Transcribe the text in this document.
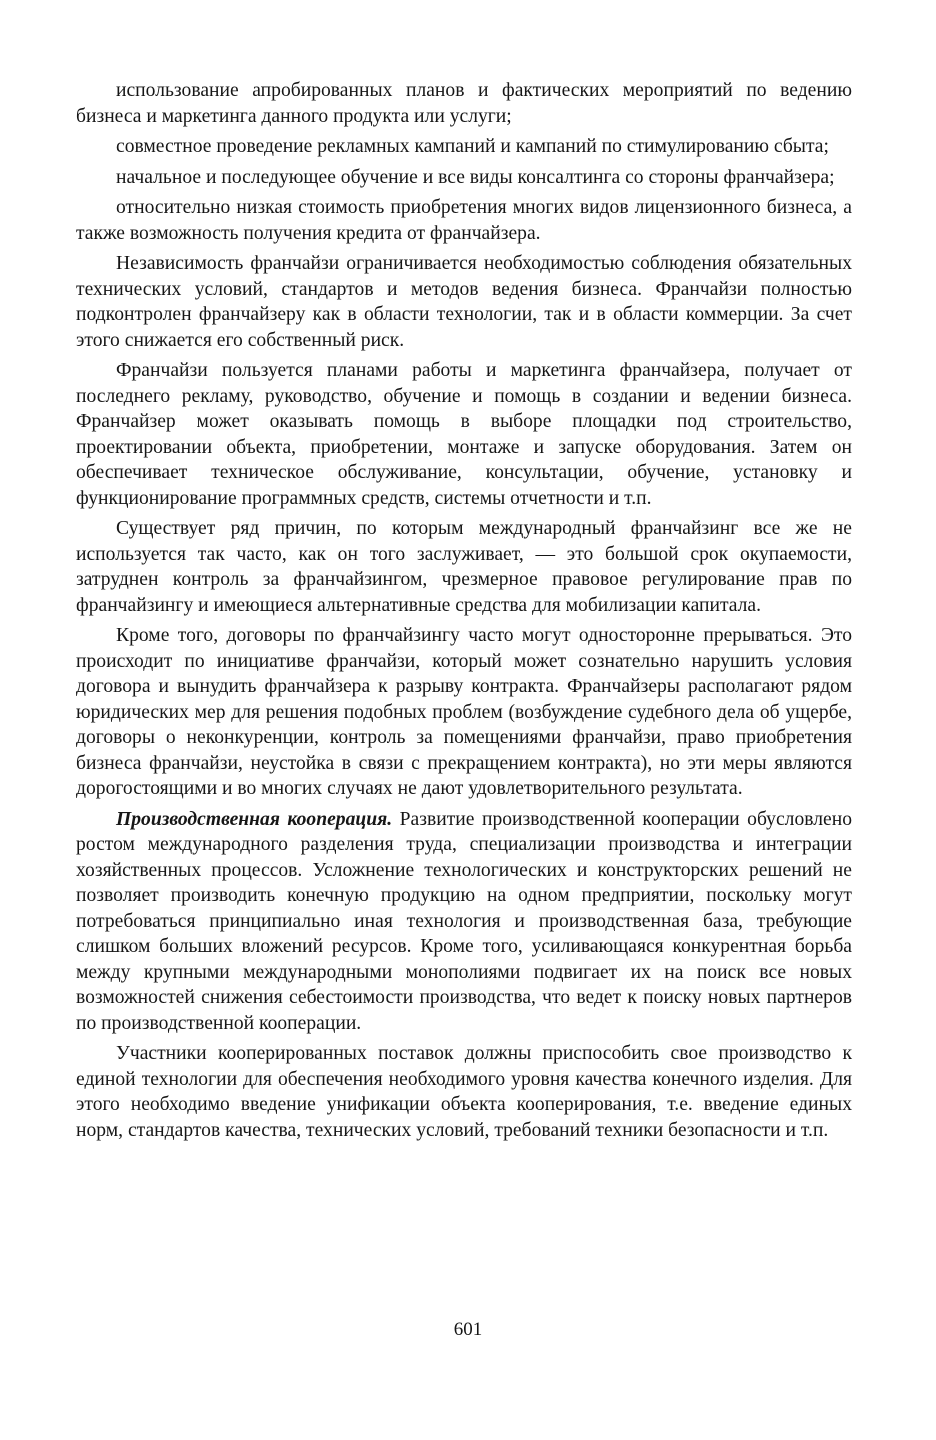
использование апробированных планов и фактических мероприятий по ведению бизнеса и маркетинга данного продукта или услуги;

совместное проведение рекламных кампаний и кампаний по стимулированию сбыта;

начальное и последующее обучение и все виды консалтинга со стороны франчайзера;

относительно низкая стоимость приобретения многих видов лицензионного бизнеса, а также возможность получения кредита от франчайзера.

Независимость франчайзи ограничивается необходимостью соблюдения обязательных технических условий, стандартов и методов ведения бизнеса. Франчайзи полностью подконтролен франчайзеру как в области технологии, так и в области коммерции. За счет этого снижается его собственный риск.

Франчайзи пользуется планами работы и маркетинга франчайзера, получает от последнего рекламу, руководство, обучение и помощь в создании и ведении бизнеса. Франчайзер может оказывать помощь в выборе площадки под строительство, проектировании объекта, приобретении, монтаже и запуске оборудования. Затем он обеспечивает техническое обслуживание, консультации, обучение, установку и функционирование программных средств, системы отчетности и т.п.

Существует ряд причин, по которым международный франчайзинг все же не используется так часто, как он того заслуживает, — это большой срок окупаемости, затруднен контроль за франчайзингом, чрезмерное правовое регулирование прав по франчайзингу и имеющиеся альтернативные средства для мобилизации капитала.

Кроме того, договоры по франчайзингу часто могут односторонне прерываться. Это происходит по инициативе франчайзи, который может сознательно нарушить условия договора и вынудить франчайзера к разрыву контракта. Франчайзеры располагают рядом юридических мер для решения подобных проблем (возбуждение судебного дела об ущербе, договоры о неконкуренции, контроль за помещениями франчайзи, право приобретения бизнеса франчайзи, неустойка в связи с прекращением контракта), но эти меры являются дорогостоящими и во многих случаях не дают удовлетворительного результата.

Производственная кооперация. Развитие производственной кооперации обусловлено ростом международного разделения труда, специализации производства и интеграции хозяйственных процессов. Усложнение технологических и конструкторских решений не позволяет производить конечную продукцию на одном предприятии, поскольку могут потребоваться принципиально иная технология и производственная база, требующие слишком больших вложений ресурсов. Кроме того, усиливающаяся конкурентная борьба между крупными международными монополиями подвигает их на поиск все новых возможностей снижения себестоимости производства, что ведет к поиску новых партнеров по производственной кооперации.

Участники кооперированных поставок должны приспособить свое производство к единой технологии для обеспечения необходимого уровня качества конечного изделия. Для этого необходимо введение унификации объекта кооперирования, т.е. введение единых норм, стандартов качества, технических условий, требований техники безопасности и т.п.

601
